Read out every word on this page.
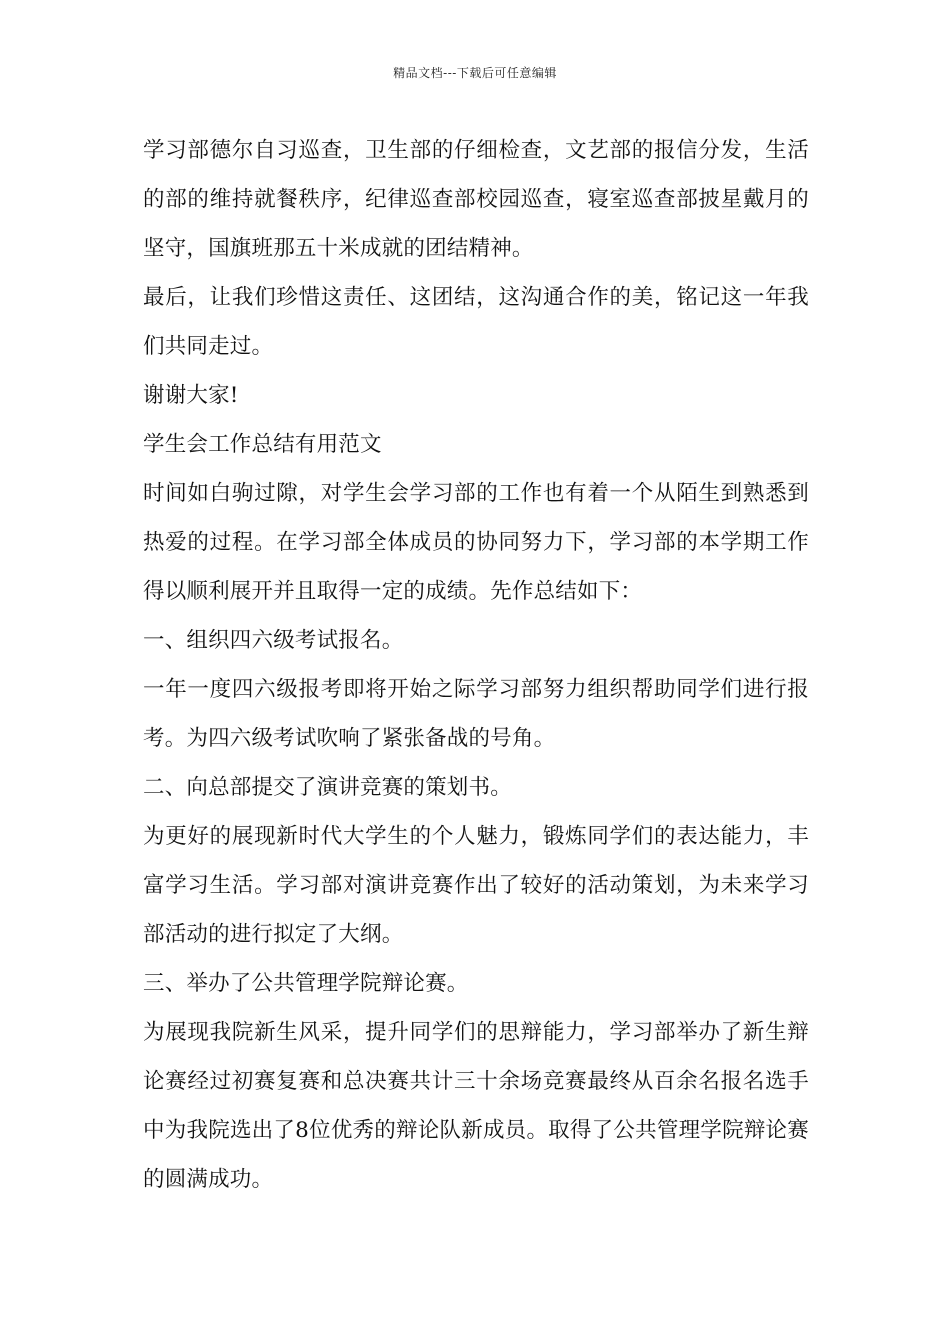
精品文档---下载后可任意编辑

学习部德尔自习巡查，卫生部的仔细检查，文艺部的报信分发，生活的部的维持就餐秩序，纪律巡查部校园巡查，寝室巡查部披星戴月的坚守，国旗班那五十米成就的团结精神。

最后，让我们珍惜这责任、这团结，这沟通合作的美，铭记这一年我们共同走过。

谢谢大家!

学生会工作总结有用范文

时间如白驹过隙，对学生会学习部的工作也有着一个从陌生到熟悉到热爱的过程。在学习部全体成员的协同努力下，学习部的本学期工作得以顺利展开并且取得一定的成绩。先作总结如下：

一、组织四六级考试报名。

一年一度四六级报考即将开始之际学习部努力组织帮助同学们进行报考。为四六级考试吹响了紧张备战的号角。

二、向总部提交了演讲竞赛的策划书。

为更好的展现新时代大学生的个人魅力，锻炼同学们的表达能力，丰富学习生活。学习部对演讲竞赛作出了较好的活动策划，为未来学习部活动的进行拟定了大纲。

三、举办了公共管理学院辩论赛。

为展现我院新生风采，提升同学们的思辩能力，学习部举办了新生辩论赛经过初赛复赛和总决赛共计三十余场竞赛最终从百余名报名选手中为我院选出了8位优秀的辩论队新成员。取得了公共管理学院辩论赛的圆满成功。
